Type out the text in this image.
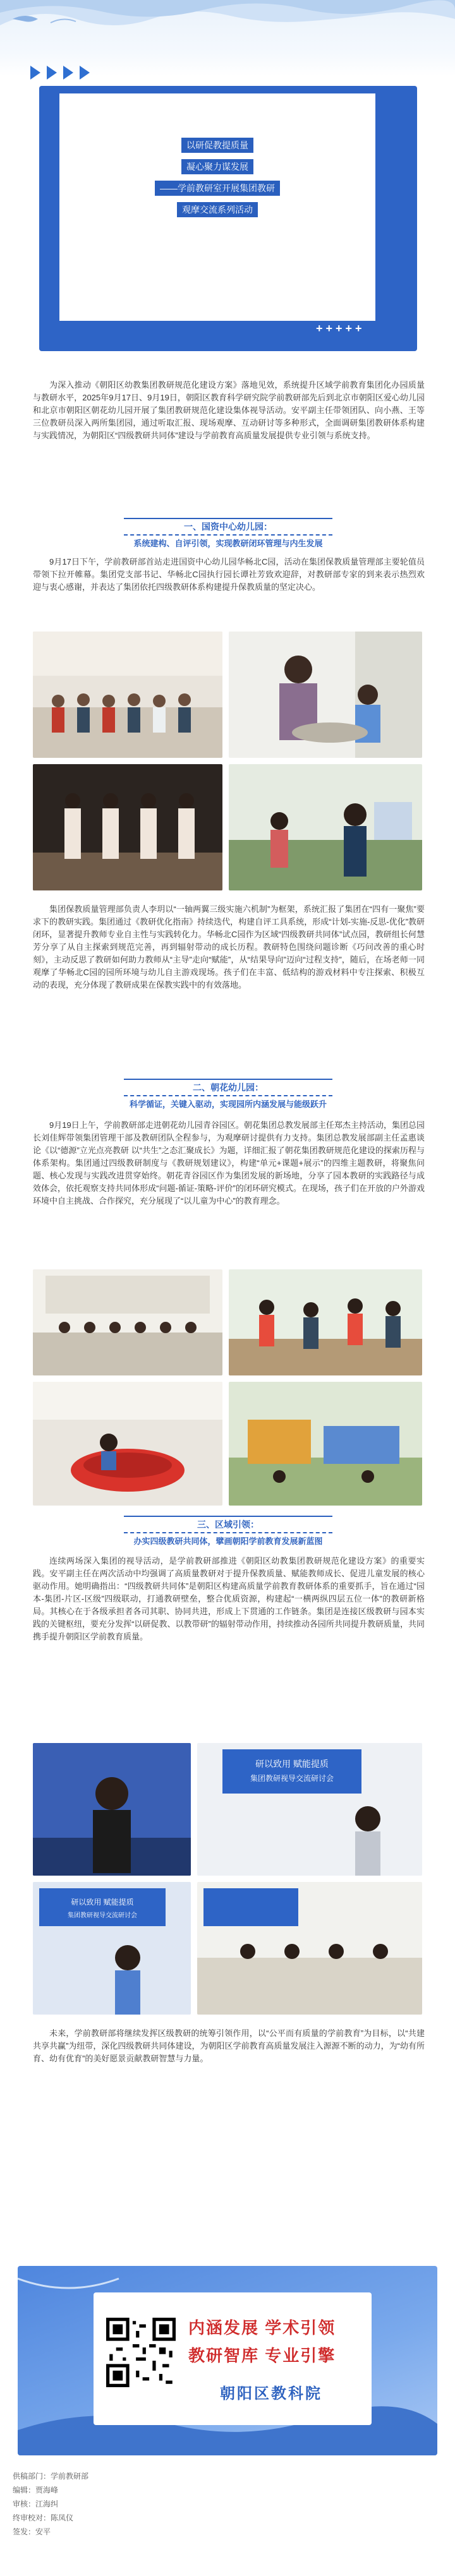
以研促教提质量
凝心聚力谋发展
——学前教研室开展集团教研
观摩交流系列活动
+ + + + +

为深入推动《朝阳区幼教集团教研规范化建设方案》落地见效，系统提升区域学前教育集团化办园质量与教研水平，2025年9月17日、9月19日，朝阳区教育科学研究院学前教研部先后到北京市朝阳区爱心幼儿园和北京市朝阳区朝花幼儿园开展了集团教研规范化建设集体视导活动。安平副主任带领团队、向小燕、王等三位教研员深入两所集团园，通过听取汇报、现场观摩、互动研讨等多种形式，全面调研集团教研体系构建与实践情况，为朝阳区“四级教研共同体”建设与学前教育高质量发展提供专业引领与系统支持。

一、国资中心幼儿园：
系统建构、自评引领，实现教研闭环管理与内生发展

9月17日下午，学前教研部首站走进国资中心幼儿园华畅北C园，活动在集团保教质量管理部主要轮值员带领下拉开帷幕。集团党支部书记、华畅北C园执行园长谭社芳致欢迎辞，对教研部专家的到来表示热烈欢迎与衷心感谢，并表达了集团依托四级教研体系构建提升保教质量的坚定决心。

集团保教质量管理部负责人李玥以“一轴两翼三级实施六机制”为框架，系统汇报了集团在“四有一聚焦”要求下的教研实践。集团通过《教研优化指南》持续迭代，构建自评工具系统，形成“计划-实施-反思-优化”教研闭环，显著提升教师专业自主性与实践转化力。华畅北C园作为区域“四级教研共同体”试点园，教研组长何慧芳分享了从自主探索到规范完善，再到辐射带动的成长历程。教研特色围绕问题诊断《巧问改善的重心时刻》，主动反思了教研如何助力教师从“主导”走向“赋能”，从“结果导向”迈向“过程支持”，随后，在场老师一同观摩了华畅北C园的园所环境与幼儿自主游戏现场。孩子们在丰富、低结构的游戏材料中专注探索、积极互动的表现，充分体现了教研成果在保教实践中的有效落地。

二、朝花幼儿园：
科学循证，关键入驱动，实现园所内涵发展与能级跃升

9月19日上午，学前教研部走进朝花幼儿园青谷园区。朝花集团总教发展部主任郑杰主持活动，集团总园长刘佳辉带领集团管理干部及教研团队全程参与，为观摩研讨提供有力支持。集团总教发展部副主任孟惠谈论《以“德源”立光点亮教研 以“共生”之态汇聚成长》为题，详细汇报了朝花集团教研规范化建设的探索历程与体系架构。集团通过四级教研制度与《教研规划建议》，构建“单元+课题+展示”的四维主题教研，将聚焦问题、核心发现与实践改进贯穿始终。朝花青谷园区作为集团发展的新场地，分享了园本教研的实践路径与成效体会，依托观察支持共同体形成“问题-循证-策略-评价”的闭环研究模式。在现场，孩子们在开放的户外游戏环境中自主挑战、合作探究，充分展现了“以儿童为中心”的教育理念。

三、区域引领：
办实四级教研共同体，擘画朝阳学前教育发展新蓝图

连续两场深入集团的视导活动，是学前教研部推进《朝阳区幼教集团教研规范化建设方案》的重要实践。安平副主任在两次活动中均强调了高质量教研对于提升保教质量、赋能教师成长、促进儿童发展的核心驱动作用。她明确指出：“四级教研共同体”是朝阳区构建高质量学前教育教研体系的重要抓手，旨在通过“园本-集团-片区-区级”四级联动，打通教研壁垒，整合优质资源，构建起“一横两纵四层五位一体”的教研新格局。其核心在于各级承担者各司其职、协同共进，形成上下贯通的工作链条。集团是连接区级教研与园本实践的关键枢纽，要充分发挥“以研促教、以教带研”的辐射带动作用，持续推动各园所共同提升教研质量，共同携手提升朝阳区学前教育质量。

研以致用 赋能提质
集团教研视导交流研讨会
研以致用 赋能提质
集团教研视导交流研讨会

未来，学前教研部将继续发挥区级教研的统筹引领作用，以“公平而有质量的学前教育”为目标，以“共建共享共赢”为纽带，深化四级教研共同体建设，为朝阳区学前教育高质量发展注入源源不断的动力，为“幼有所育、幼有优育”的美好愿景贡献教研智慧与力量。

内涵发展 学术引领
教研智库 专业引擎
朝阳区教科院
供稿部门：学前教研部
编辑：贾海峰
审核：江海纠
终审校对：陈凤仪
签发：安平
